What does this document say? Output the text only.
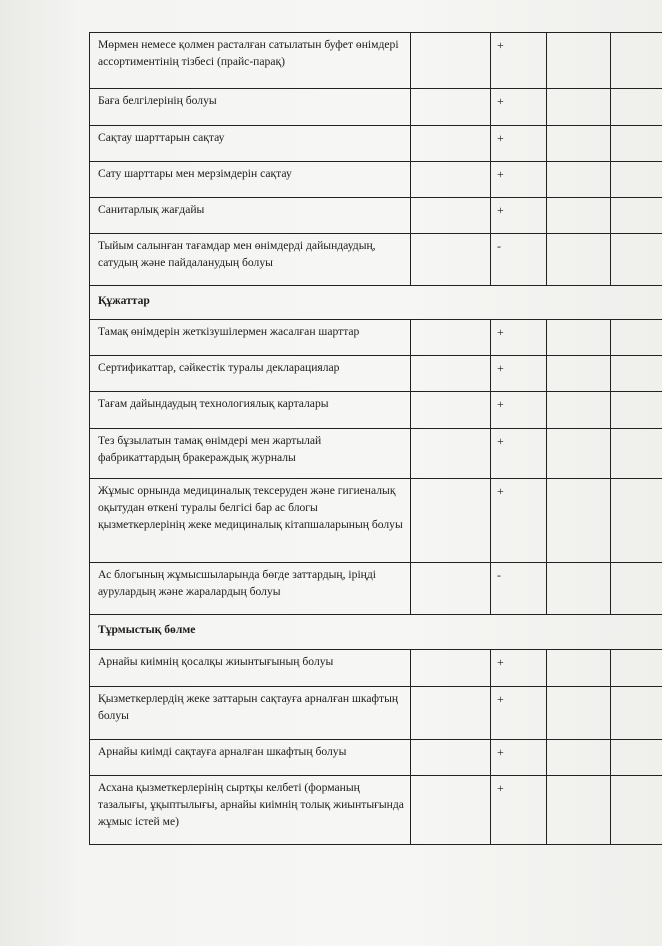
Мөрмен немесе қолмен расталған сатылатын буфет өнімдері ассортиментінің тізбесі (прайс-парақ)		+		
Баға белгілерінің болуы		+		
Сақтау шарттарын сақтау		+		
Сату шарттары мен мерзімдерін сақтау		+		
Санитарлық жағдайы		+		
Тыйым салынған тағамдар мен өнімдерді дайындаудың, сатудың және пайдаланудың болуы		-		
Құжаттар				
Тамақ өнімдерін жеткізушілермен жасалған шарттар		+		
Сертификаттар, сәйкестік туралы декларациялар		+		
Тағам дайындаудың технологиялық карталары		+		
Тез бұзылатын тамақ өнімдері мен жартылай фабрикаттардың бракераждық журналы		+		
Жұмыс орнында медициналық тексеруден және гигиеналық оқытудан өткені туралы белгісі бар ас блогы қызметкерлерінің жеке медициналық кітапшаларының болуы		+		
Ас блогының жұмысшыларында бөгде заттардың, іріңді аурулардың және жаралардың болуы		-		
Тұрмыстық бөлме				
Арнайы киімнің қосалқы жиынтығының болуы		+		
Қызметкерлердің жеке заттарын сақтауға арналған шкафтың болуы		+		
Арнайы киімді сақтауға арналған шкафтың болуы		+		
Асхана қызметкерлерінің сыртқы келбеті (форманың тазалығы, ұқыптылығы, арнайы киімнің толық жиынтығында жұмыс істей ме)		+		
